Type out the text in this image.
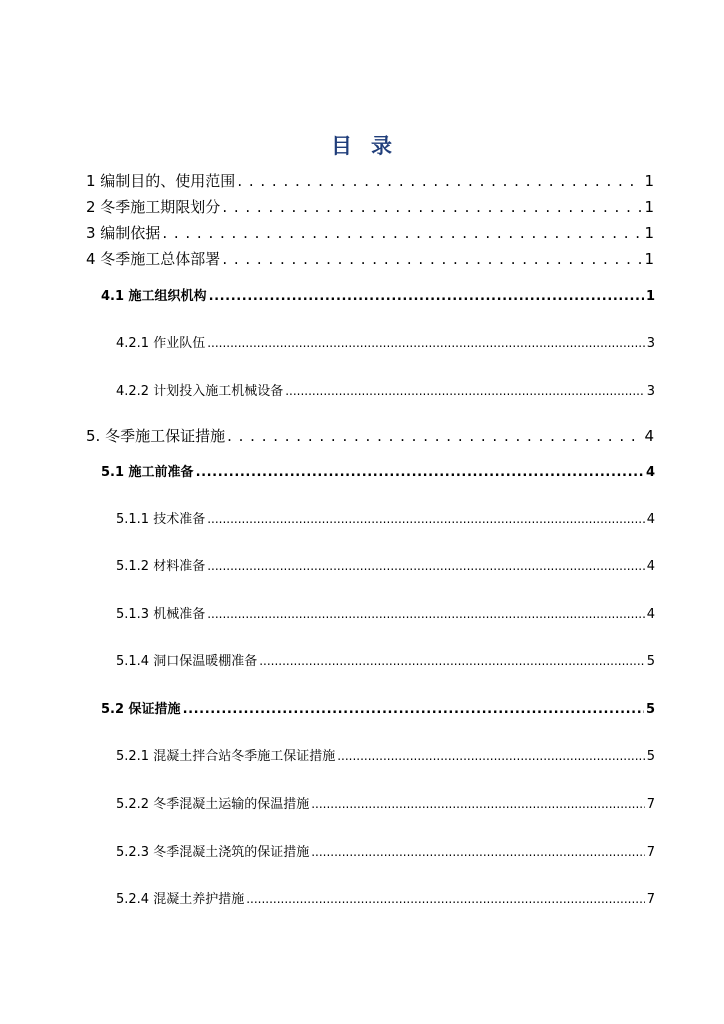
目 录
1 编制目的、使用范围 . . .	1
2 冬季施工期限划分 . . .	1
3 编制依据 . . .	1
4 冬季施工总体部署 . . .	1
4.1 施工组织机构 .....	1
4.2.1 作业队伍 .....	3
4.2.2 计划投入施工机械设备 .....	3
5. 冬季施工保证措施 . . .	4
5.1 施工前准备 .....	4
5.1.1 技术准备 .....	4
5.1.2 材料准备 .....	4
5.1.3 机械准备 .....	4
5.1.4 洞口保温暖棚准备 .....	5
5.2 保证措施 .....	5
5.2.1 混凝土拌合站冬季施工保证措施 .....	5
5.2.2 冬季混凝土运输的保温措施 .....	7
5.2.3 冬季混凝土浇筑的保证措施 .....	7
5.2.4 混凝土养护措施 .....	7
